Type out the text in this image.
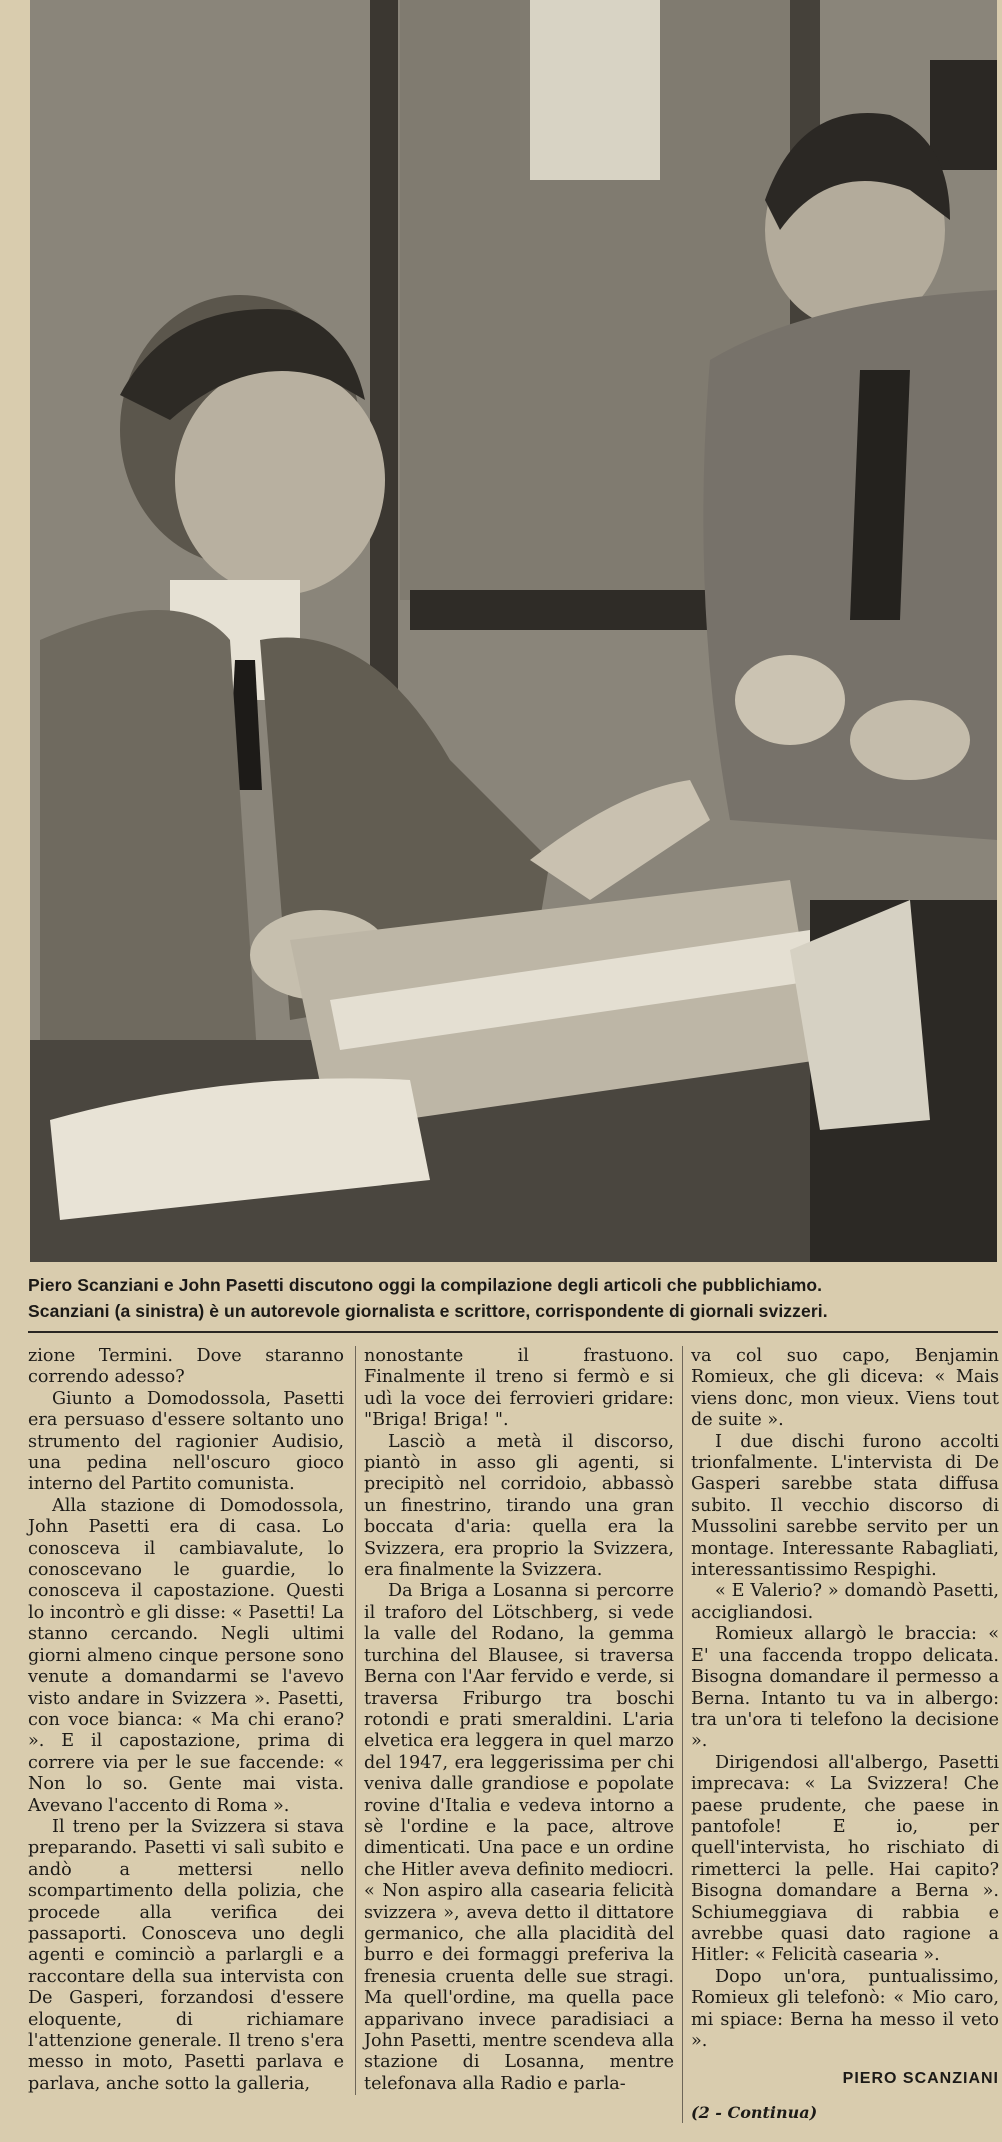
Piero Scanziani e John Pasetti discutono oggi la compilazione degli articoli che pubblichiamo.

Scanziani (a sinistra) è un autorevole giornalista e scrittore, corrispondente di giornali svizzeri.

zione Termini. Dove staranno correndo adesso?

Giunto a Domodossola, Pasetti era persuaso d'essere soltanto uno strumento del ragionier Audisio, una pedina nell'oscuro gioco interno del Partito comunista.

Alla stazione di Domodossola, John Pasetti era di casa. Lo conosceva il cambiavalute, lo conoscevano le guardie, lo conosceva il capostazione. Questi lo incontrò e gli disse: « Pasetti! La stanno cercando. Negli ultimi giorni almeno cinque persone sono venute a domandarmi se l'avevo visto andare in Svizzera ». Pasetti, con voce bianca: « Ma chi erano? ». E il capostazione, prima di correre via per le sue faccende: « Non lo so. Gente mai vista. Avevano l'accento di Roma ».

Il treno per la Svizzera si stava preparando. Pasetti vi salì subito e andò a mettersi nello scompartimento della polizia, che procede alla verifica dei passaporti. Conosceva uno degli agenti e cominciò a parlargli e a raccontare della sua intervista con De Gasperi, forzandosi d'essere eloquente, di richiamare l'attenzione generale. Il treno s'era messo in moto, Pasetti parlava e parlava, anche sotto la galleria,

nonostante il frastuono. Finalmente il treno si fermò e si udì la voce dei ferrovieri gridare: "Briga! Briga! ".

Lasciò a metà il discorso, piantò in asso gli agenti, si precipitò nel corridoio, abbassò un finestrino, tirando una gran boccata d'aria: quella era la Svizzera, era proprio la Svizzera, era finalmente la Svizzera.

Da Briga a Losanna si percorre il traforo del Lötschberg, si vede la valle del Rodano, la gemma turchina del Blausee, si traversa Berna con l'Aar fervido e verde, si traversa Friburgo tra boschi rotondi e prati smeraldini. L'aria elvetica era leggera in quel marzo del 1947, era leggerissima per chi veniva dalle grandiose e popolate rovine d'Italia e vedeva intorno a sè l'ordine e la pace, altrove dimenticati. Una pace e un ordine che Hitler aveva definito mediocri. « Non aspiro alla casearia felicità svizzera », aveva detto il dittatore germanico, che alla placidità del burro e dei formaggi preferiva la frenesia cruenta delle sue stragi. Ma quell'ordine, ma quella pace apparivano invece paradisiaci a John Pasetti, mentre scendeva alla stazione di Losanna, mentre telefonava alla Radio e parla-

va col suo capo, Benjamin Romieux, che gli diceva: « Mais viens donc, mon vieux. Viens tout de suite ».

I due dischi furono accolti trionfalmente. L'intervista di De Gasperi sarebbe stata diffusa subito. Il vecchio discorso di Mussolini sarebbe servito per un montage. Interessante Rabagliati, interessantissimo Respighi.

« E Valerio? » domandò Pasetti, accigliandosi.

Romieux allargò le braccia: « E' una faccenda troppo delicata. Bisogna domandare il permesso a Berna. Intanto tu va in albergo: tra un'ora ti telefono la decisione ».

Dirigendosi all'albergo, Pasetti imprecava: « La Svizzera! Che paese prudente, che paese in pantofole! E io, per quell'intervista, ho rischiato di rimetterci la pelle. Hai capito? Bisogna domandare a Berna ». Schiumeggiava di rabbia e avrebbe quasi dato ragione a Hitler: « Felicità casearia ».

Dopo un'ora, puntualissimo, Romieux gli telefonò: « Mio caro, mi spiace: Berna ha messo il veto ».

PIERO SCANZIANI
(2 - Continua)
